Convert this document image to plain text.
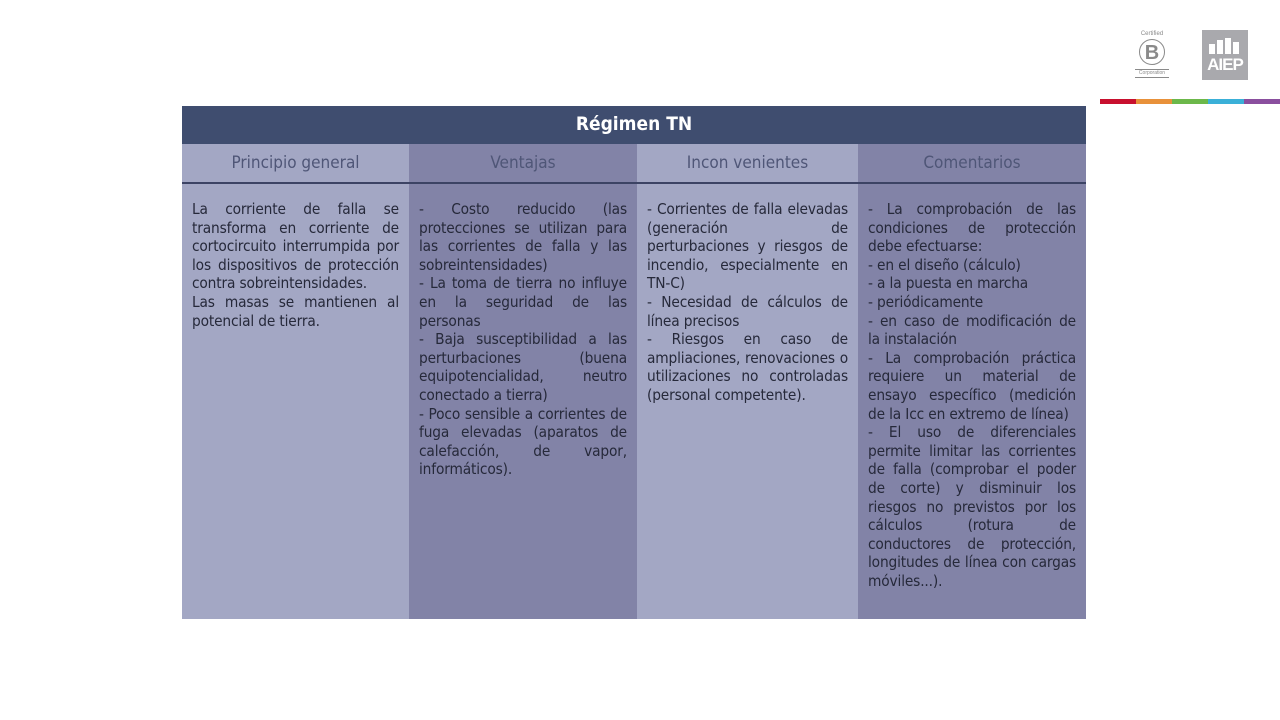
Certified
B
Corporation	AIEP
Régimen TN
Principio general

La corriente de falla se transforma en corriente de cortocircuito interrumpida por los dispositivos de protección contra sobreintensidades.

Las masas se mantienen al potencial de tierra.

Ventajas

- Costo reducido (las protecciones se utilizan para las corrientes de falla y las sobreintensidades)

- La toma de tierra no influye en la seguridad de las personas

- Baja susceptibilidad a las perturbaciones (buena equipotencialidad, neutro conectado a tierra)

- Poco sensible a corrientes de fuga elevadas (aparatos de calefacción, de vapor, informáticos).

Incon venientes

- Corrientes de falla elevadas (generación de perturbaciones y riesgos de incendio, especialmente en TN-C)

- Necesidad de cálculos de línea precisos

- Riesgos en caso de ampliaciones, renovaciones o utilizaciones no controladas (personal competente).

Comentarios

- La comprobación de las condiciones de protección debe efectuarse:

- en el diseño (cálculo)

- a la puesta en marcha

- periódicamente

- en caso de modificación de la instalación

- La comprobación práctica requiere un material de ensayo específico (medición de la Icc en extremo de línea)

- El uso de diferenciales permite limitar las corrientes de falla (comprobar el poder de corte) y disminuir los riesgos no previstos por los cálculos (rotura de conductores de protección, longitudes de línea con cargas móviles...).
